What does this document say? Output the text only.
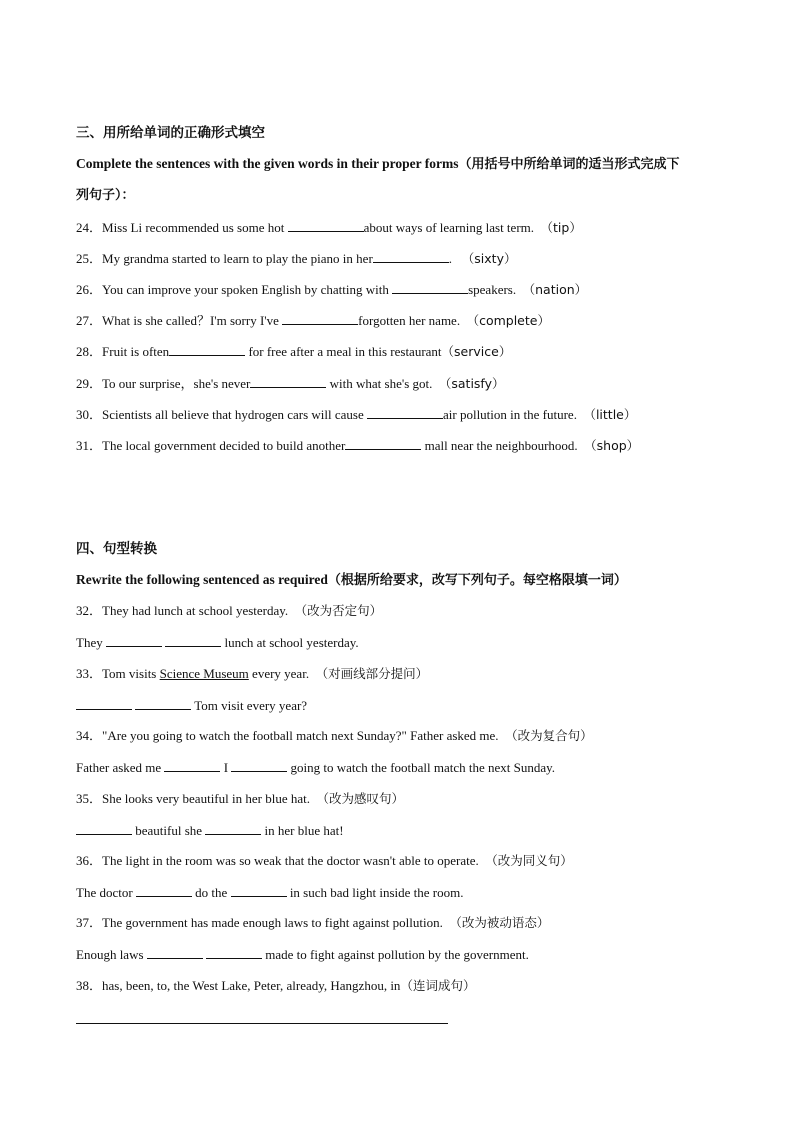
三、用所给单词的正确形式填空
Complete the sentences with the given words in their proper forms（用括号中所给单词的适当形式完成下
列句子）：
24．Miss Li recommended us some hot	about ways of learning last term. （tip）
25．My grandma started to learn to play the piano in her	. （sixty）
26．You can improve your spoken English by chatting with	speakers. （nation）
27．What is she called？I'm sorry I've	forgotten her name. （complete）
28．Fruit is often	for free after a meal in this restaurant（service）
29．To our surprise，she's never	with what she's got. （satisfy）
30．Scientists all believe that hydrogen cars will cause	air pollution in the future. （little）
31．The local government decided to build another	mall near the neighbourhood. （shop）
四、句型转换
Rewrite the following sentenced as required（根据所给要求，改写下列句子。每空格限填一词）
32．They had lunch at school yesterday. （改为否定句）
They	lunch at school yesterday.
33．Tom visits Science Museum every year. （对画线部分提问）
Tom visit every year?
34．"Are you going to watch the football match next Sunday?" Father asked me. （改为复合句）
Father asked me	I	going to watch the football match the next Sunday.
35．She looks very beautiful in her blue hat. （改为感叹句）
beautiful she	in her blue hat!
36．The light in the room was so weak that the doctor wasn't able to operate. （改为同义句）
The doctor	do the	in such bad light inside the room.
37．The government has made enough laws to fight against pollution. （改为被动语态）
Enough laws	made to fight against pollution by the government.
38．has, been, to, the West Lake, Peter, already, Hangzhou, in（连词成句）
